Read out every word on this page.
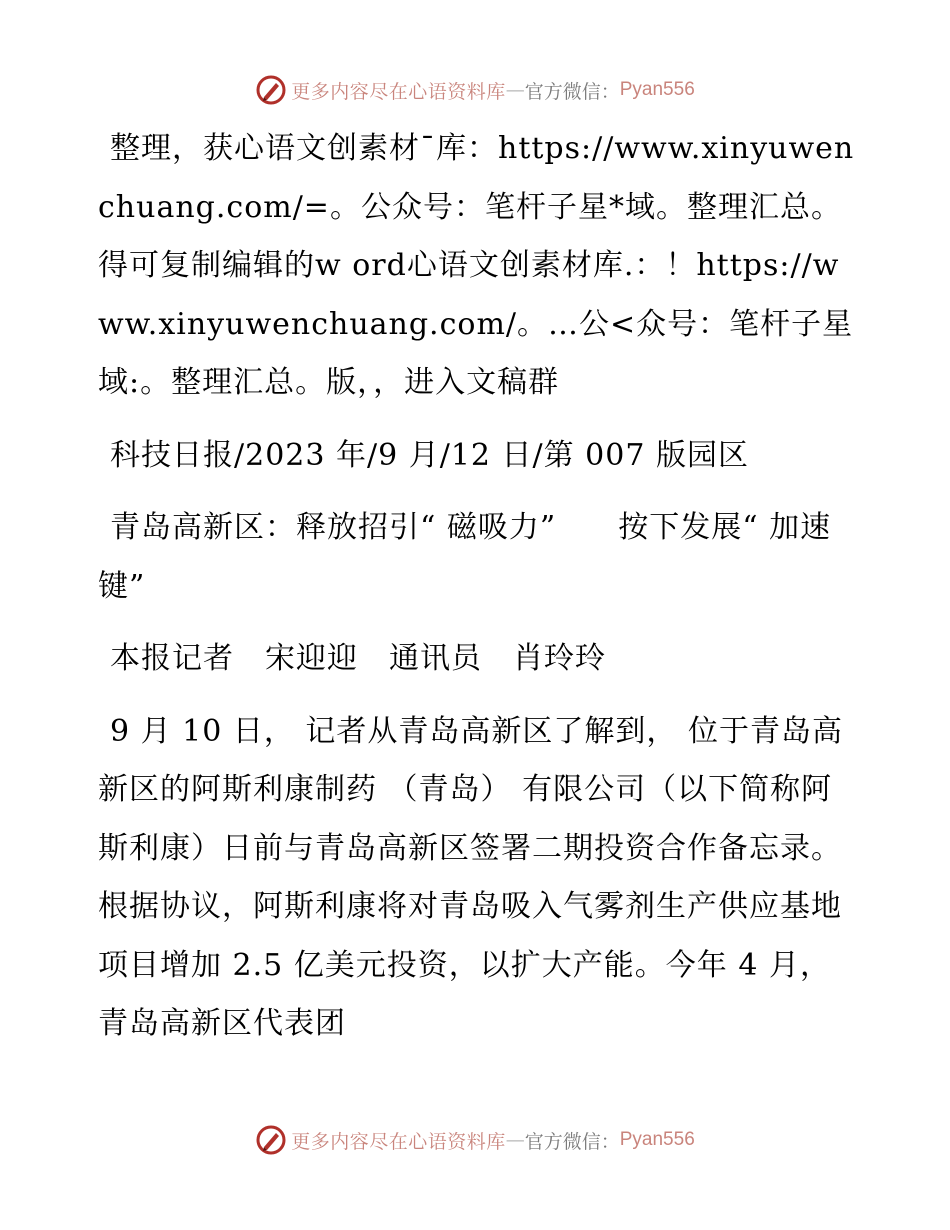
更多内容尽在心语资料库 — 官方微信： Pyan556

整理，获心语文创素材¯库：https://www.xinyuwenchuang.com/=。公众号：笔杆子星*域。整理汇总。得可复制编辑的w ord心语文创素材库.：！https://www.xinyuwenchuang.com/。…公<众号：笔杆子星域:。整理汇总。版，，进入文稿群

科技日报/2023 年/9 月/12 日/第 007 版园区

青岛高新区：释放招引“ 磁吸力”　　按下发展“ 加速键”

本报记者　宋迎迎　通讯员　肖玲玲

9 月 10 日， 记者从青岛高新区了解到， 位于青岛高新区的阿斯利康制药 （青岛） 有限公司（以下简称阿斯利康）日前与青岛高新区签署二期投资合作备忘录。根据协议，阿斯利康将对青岛吸入气雾剂生产供应基地项目增加 2.5 亿美元投资，以扩大产能。今年 4 月，青岛高新区代表团

更多内容尽在心语资料库 — 官方微信： Pyan556
